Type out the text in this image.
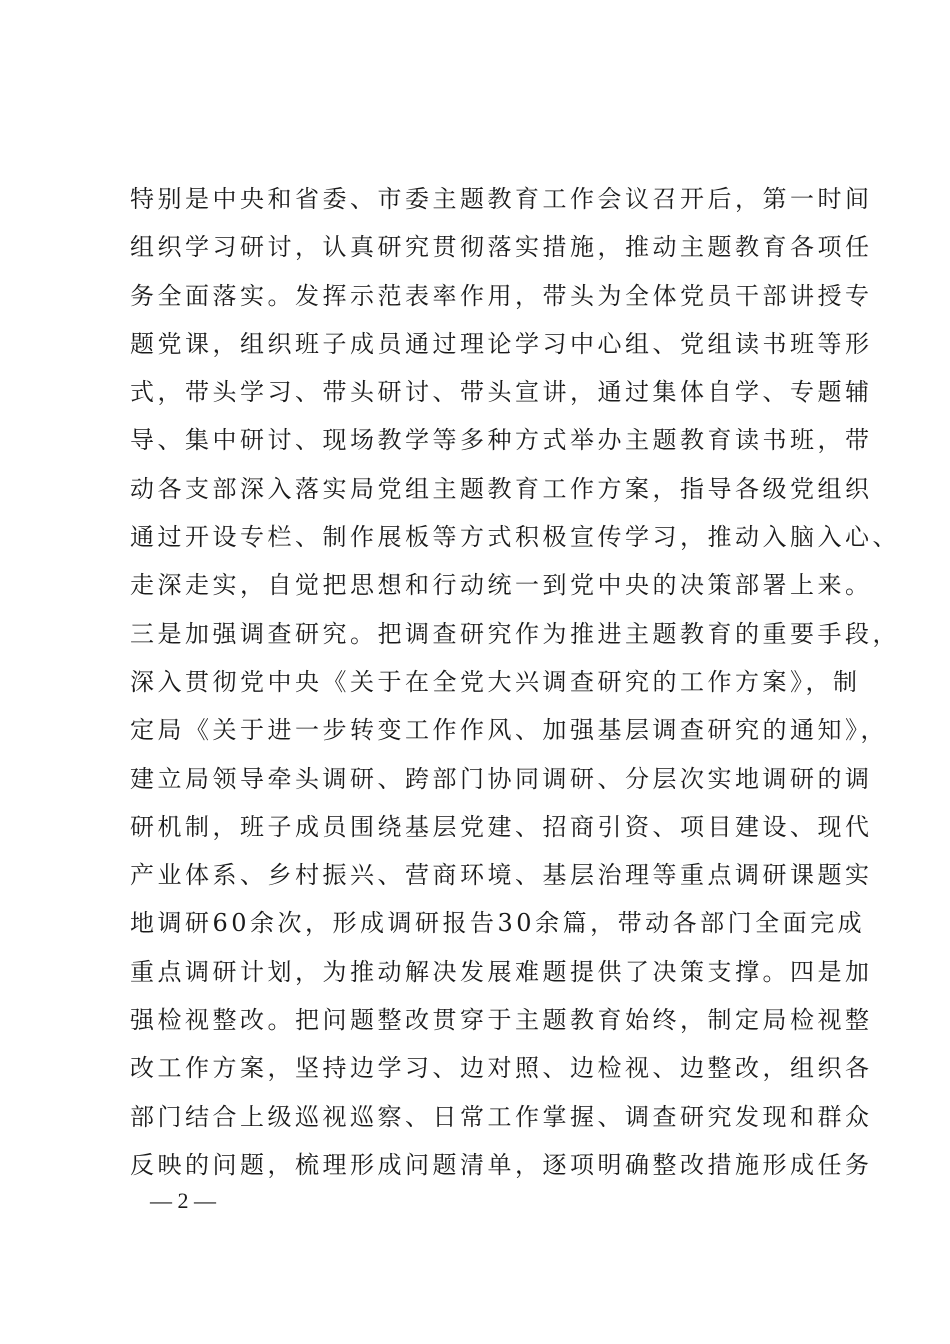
特别是中央和省委、市委主题教育工作会议召开后，第一时间
组织学习研讨，认真研究贯彻落实措施，推动主题教育各项任
务全面落实。发挥示范表率作用，带头为全体党员干部讲授专
题党课，组织班子成员通过理论学习中心组、党组读书班等形
式，带头学习、带头研讨、带头宣讲，通过集体自学、专题辅
导、集中研讨、现场教学等多种方式举办主题教育读书班，带
动各支部深入落实局党组主题教育工作方案，指导各级党组织
通过开设专栏、制作展板等方式积极宣传学习，推动入脑入心、
走深走实，自觉把思想和行动统一到党中央的决策部署上来。
三是加强调查研究。把调查研究作为推进主题教育的重要手段，
深入贯彻党中央《关于在全党大兴调查研究的工作方案》，制
定局《关于进一步转变工作作风、加强基层调查研究的通知》，
建立局领导牵头调研、跨部门协同调研、分层次实地调研的调
研机制，班子成员围绕基层党建、招商引资、项目建设、现代
产业体系、乡村振兴、营商环境、基层治理等重点调研课题实
地调研60余次，形成调研报告30余篇，带动各部门全面完成
重点调研计划，为推动解决发展难题提供了决策支撑。四是加
强检视整改。把问题整改贯穿于主题教育始终，制定局检视整
改工作方案，坚持边学习、边对照、边检视、边整改，组织各
部门结合上级巡视巡察、日常工作掌握、调查研究发现和群众
反映的问题，梳理形成问题清单，逐项明确整改措施形成任务
— 2 —
